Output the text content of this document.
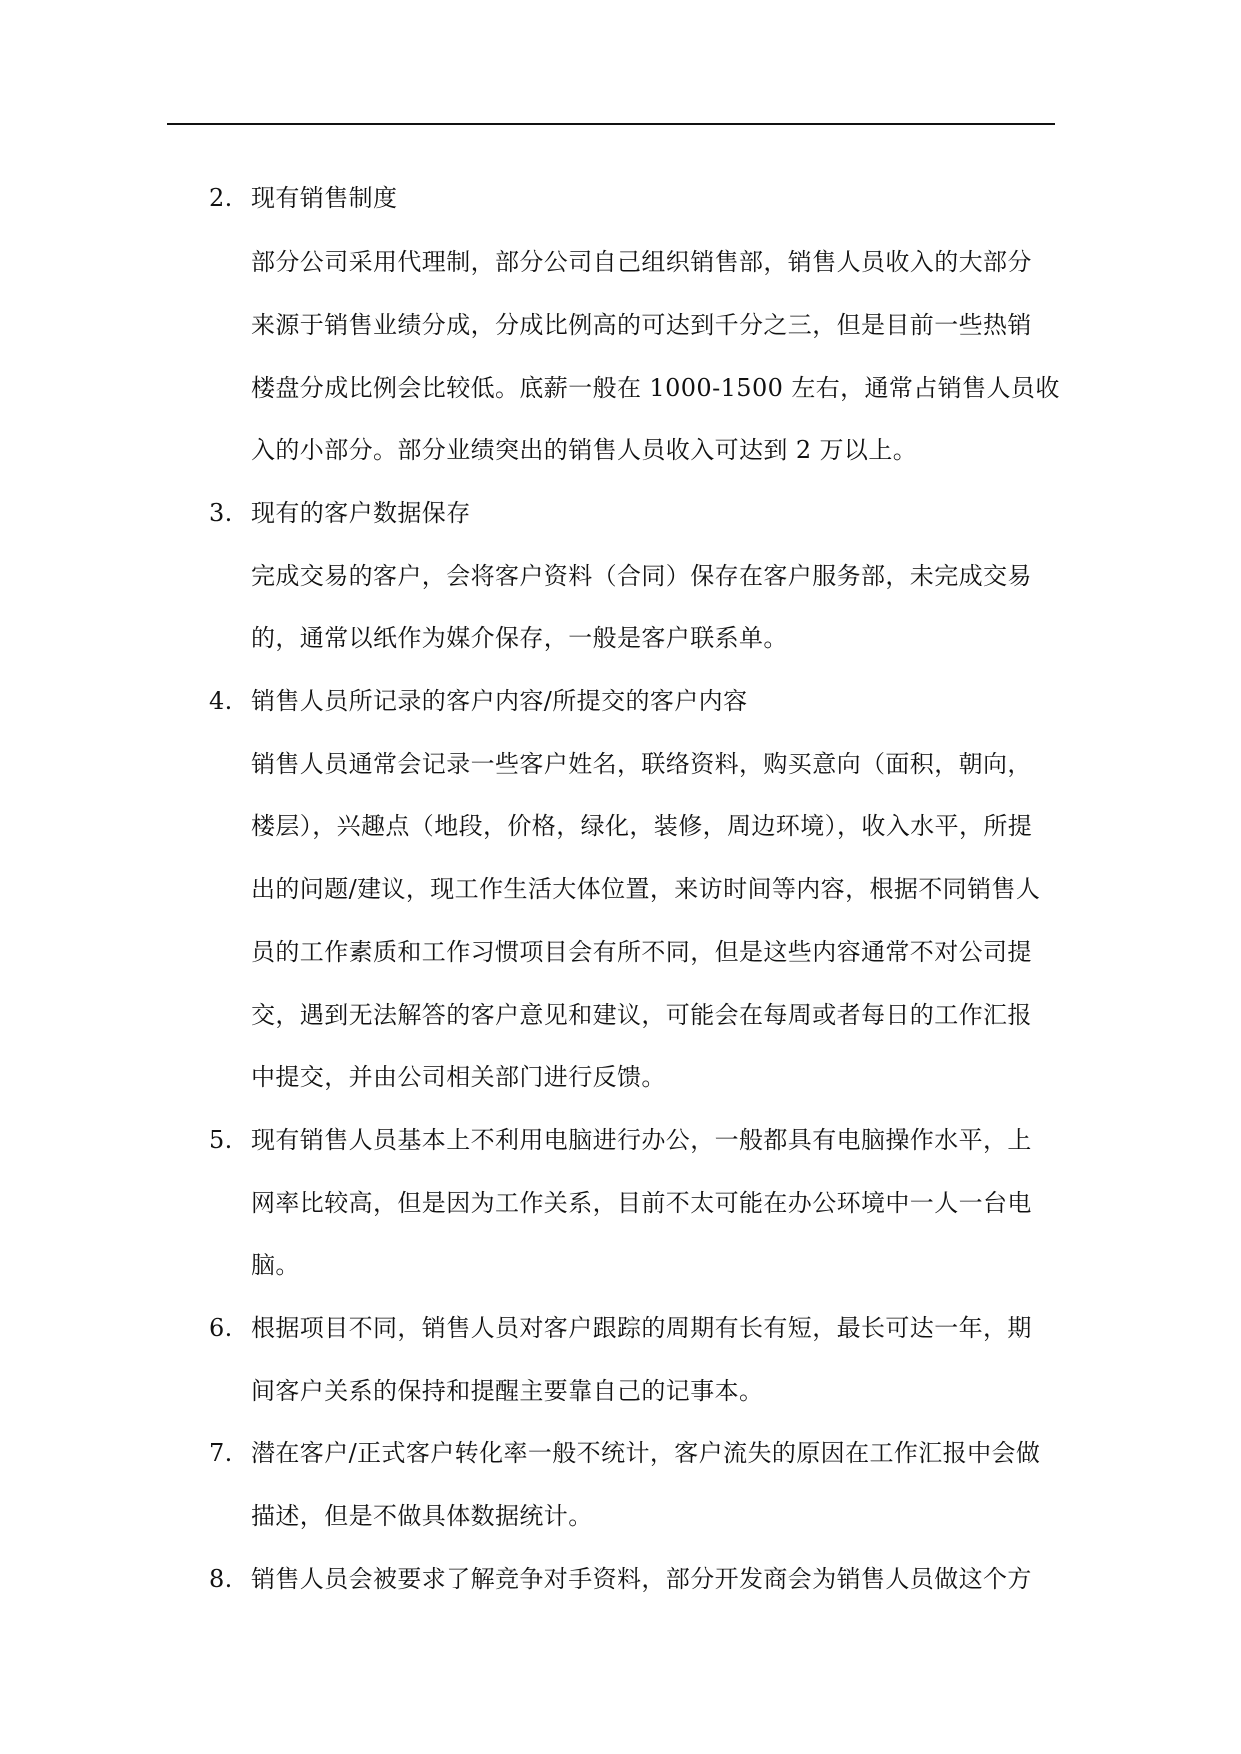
2. 现有销售制度
部分公司采用代理制，部分公司自己组织销售部，销售人员收入的大部分
来源于销售业绩分成，分成比例高的可达到千分之三，但是目前一些热销
楼盘分成比例会比较低。底薪一般在 1000-1500 左右，通常占销售人员收
入的小部分。部分业绩突出的销售人员收入可达到 2 万以上。
3. 现有的客户数据保存
完成交易的客户，会将客户资料（合同）保存在客户服务部，未完成交易
的，通常以纸作为媒介保存，一般是客户联系单。
4. 销售人员所记录的客户内容/所提交的客户内容
销售人员通常会记录一些客户姓名，联络资料，购买意向（面积，朝向，
楼层），兴趣点（地段，价格，绿化，装修，周边环境），收入水平，所提
出的问题/建议，现工作生活大体位置，来访时间等内容，根据不同销售人
员的工作素质和工作习惯项目会有所不同，但是这些内容通常不对公司提
交，遇到无法解答的客户意见和建议，可能会在每周或者每日的工作汇报
中提交，并由公司相关部门进行反馈。
5. 现有销售人员基本上不利用电脑进行办公，一般都具有电脑操作水平，上
网率比较高，但是因为工作关系，目前不太可能在办公环境中一人一台电
脑。
6. 根据项目不同，销售人员对客户跟踪的周期有长有短，最长可达一年，期
间客户关系的保持和提醒主要靠自己的记事本。
7. 潜在客户/正式客户转化率一般不统计，客户流失的原因在工作汇报中会做
描述，但是不做具体数据统计。
8. 销售人员会被要求了解竞争对手资料，部分开发商会为销售人员做这个方
